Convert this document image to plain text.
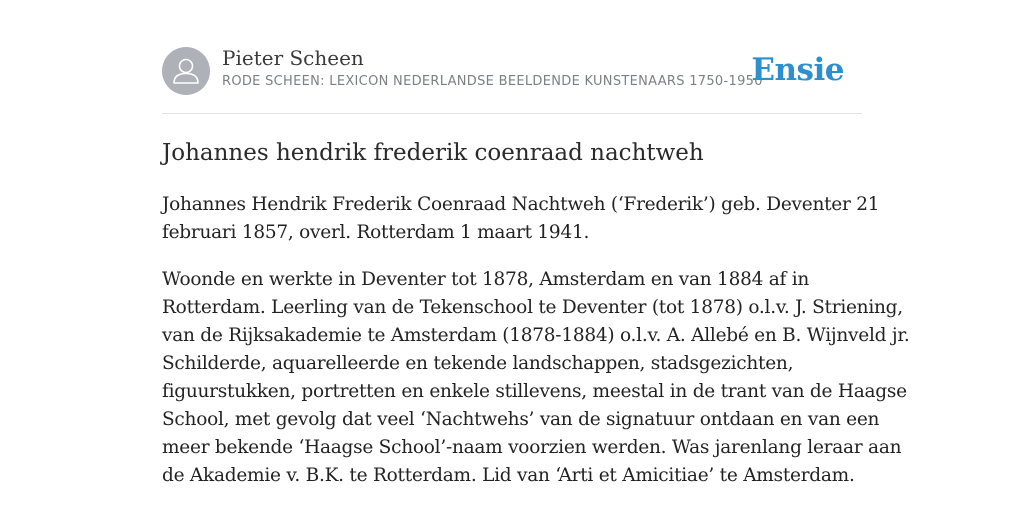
Pieter Scheen
RODE SCHEEN: LEXICON NEDERLANDSE BEELDENDE KUNSTENAARS 1750-1950
Ensie
Johannes hendrik frederik coenraad nachtweh

Johannes Hendrik Frederik Coenraad Nachtweh (‘Frederik’) geb. Deventer 21
februari 1857, overl. Rotterdam 1 maart 1941.

Woonde en werkte in Deventer tot 1878, Amsterdam en van 1884 af in
Rotterdam. Leerling van de Tekenschool te Deventer (tot 1878) o.l.v. J. Striening,
van de Rijksakademie te Amsterdam (1878-1884) o.l.v. A. Allebé en B. Wijnveld jr.
Schilderde, aquarelleerde en tekende landschappen, stadsgezichten,
figuurstukken, portretten en enkele stillevens, meestal in de trant van de Haagse
School, met gevolg dat veel ‘Nachtwehs’ van de signatuur ontdaan en van een
meer bekende ‘Haagse School’-naam voorzien werden. Was jarenlang leraar aan
de Akademie v. B.K. te Rotterdam. Lid van ‘Arti et Amicitiae’ te Amsterdam.
